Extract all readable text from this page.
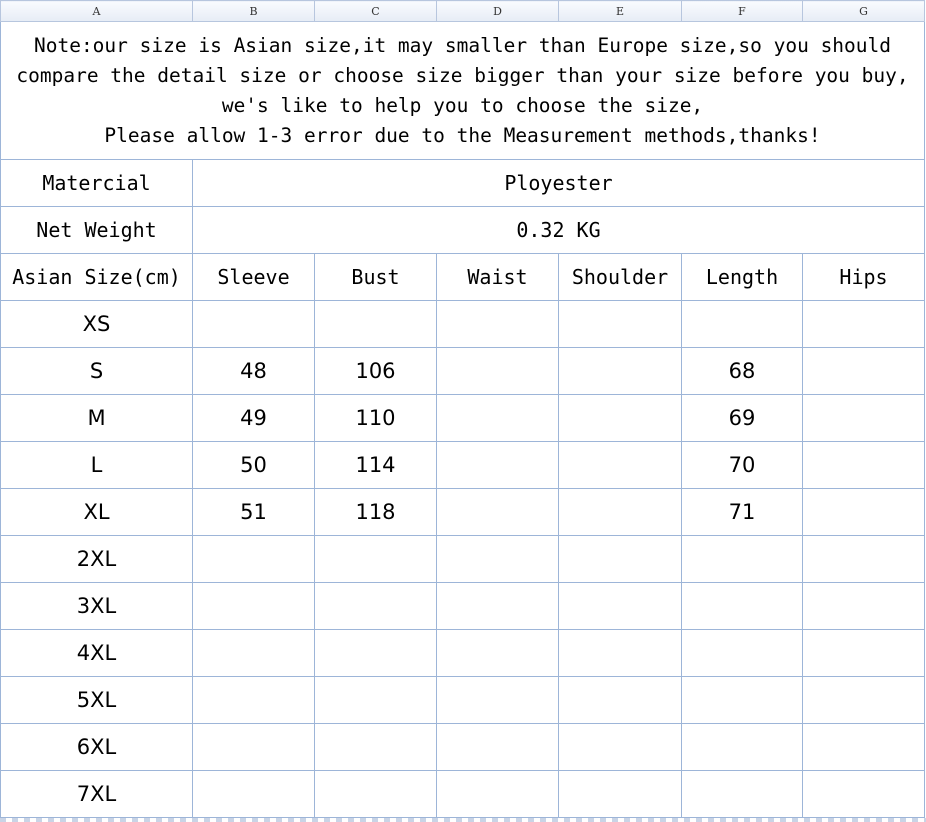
A	B	C	D	E	F	G

Note:our size is Asian size,it may smaller than Europe size,so you should
compare the detail size or choose size bigger than your size before you buy,
we's like to help you to choose the size,
Please allow 1-3 error due to the Measurement methods,thanks!						

Matercial	Ployester					
Net Weight	0.32 KG					
Asian Size(cm)	Sleeve	Bust	Waist	Shoulder	Length	Hips
XS						
S	48	106			68	
M	49	110			69	
L	50	114			70	
XL	51	118			71	
2XL						
3XL						
4XL						
5XL						
6XL						
7XL						
